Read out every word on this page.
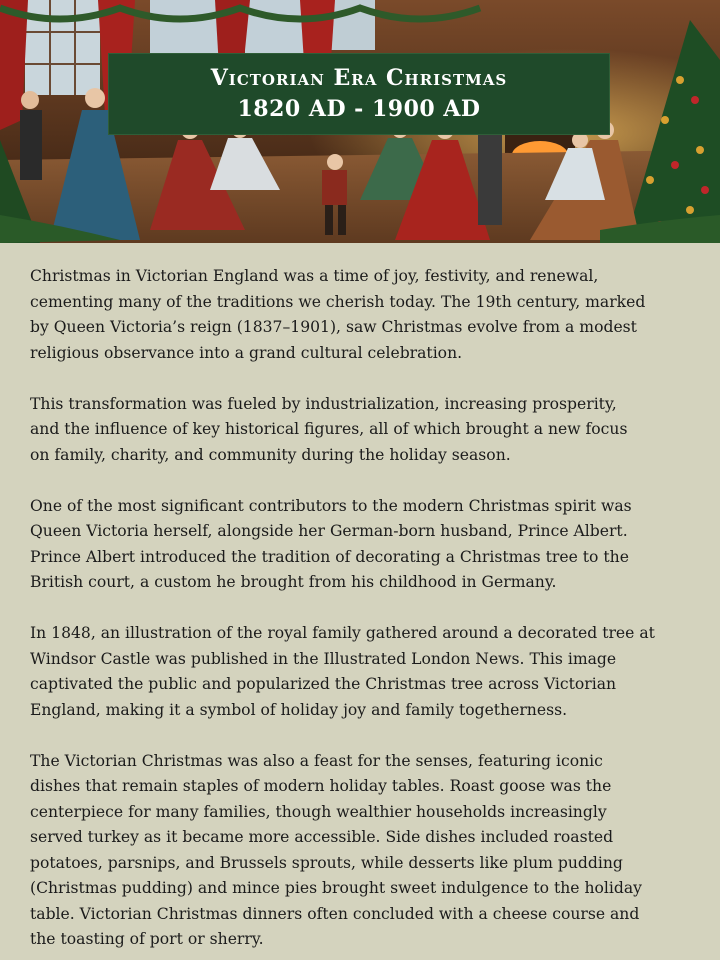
Victorian Era Christmas
1820 AD - 1900 AD

Christmas in Victorian England was a time of joy, festivity, and renewal,
cementing many of the traditions we cherish today. The 19th century, marked
by Queen Victoria’s reign (1837–1901), saw Christmas evolve from a modest
religious observance into a grand cultural celebration.

This transformation was fueled by industrialization, increasing prosperity,
and the influence of key historical figures, all of which brought a new focus
on family, charity, and community during the holiday season.

One of the most significant contributors to the modern Christmas spirit was
Queen Victoria herself, alongside her German-born husband, Prince Albert.
Prince Albert introduced the tradition of decorating a Christmas tree to the
British court, a custom he brought from his childhood in Germany.

In 1848, an illustration of the royal family gathered around a decorated tree at
Windsor Castle was published in the Illustrated London News. This image
captivated the public and popularized the Christmas tree across Victorian
England, making it a symbol of holiday joy and family togetherness.

The Victorian Christmas was also a feast for the senses, featuring iconic
dishes that remain staples of modern holiday tables. Roast goose was the
centerpiece for many families, though wealthier households increasingly
served turkey as it became more accessible. Side dishes included roasted
potatoes, parsnips, and Brussels sprouts, while desserts like plum pudding
(Christmas pudding) and mince pies brought sweet indulgence to the holiday
table. Victorian Christmas dinners often concluded with a cheese course and
the toasting of port or sherry.
